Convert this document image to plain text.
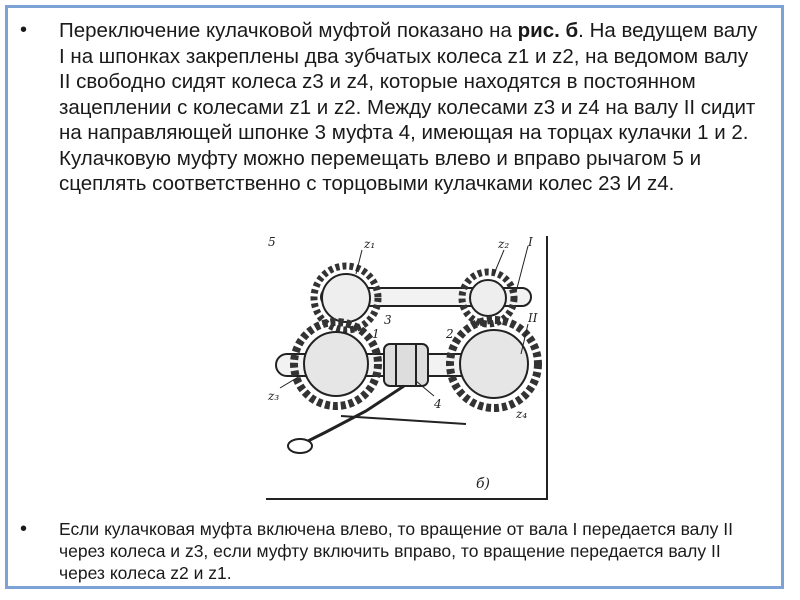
• Переключение кулачковой муфтой показано на рис. б. На ведущем валу I на шпонках закреплены два зубчатых колеса z1 и z2, на ведомом валу II свободно сидят колеса z3 и z4, которые находятся в постоянном зацеплении с колесами z1 и z2. Между колесами z3 и z4 на валу II сидит на направляющей шпонке 3 муфта 4, имеющая на торцах кулачки 1 и 2. Кулачковую муфту можно перемещать влево и вправо рычагом 5 и сцеплять соответственно с торцовыми кулачками колес 23 И z4.
z₁	z₂ I
II
z₃
z₄
5
3
4
1	2
б)
• Если кулачковая муфта включена влево, то вращение от вала I передается валу II через колеса и z3, если муфту включить вправо, то вращение передается валу II через колеса z2 и z1.
